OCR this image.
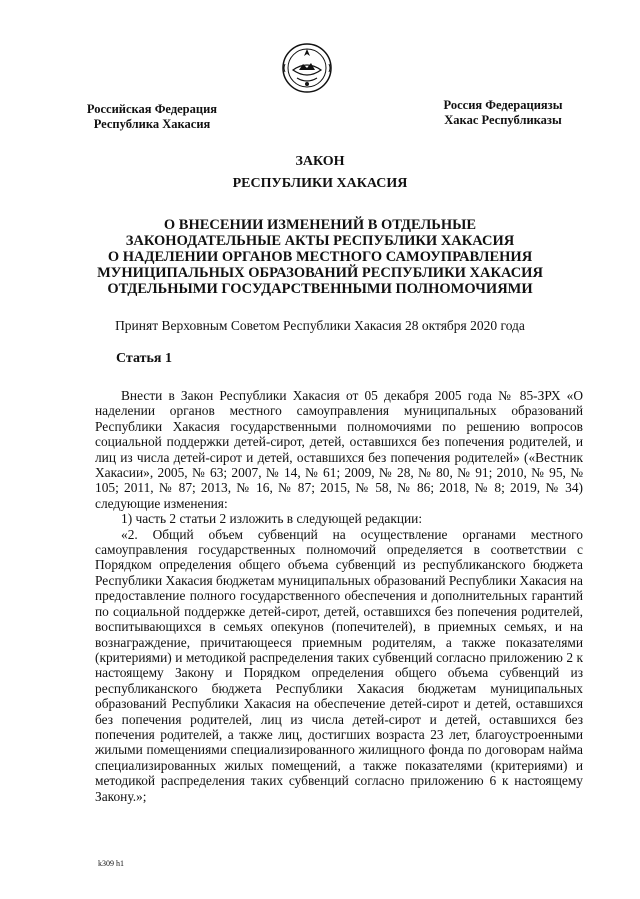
Российская Федерация
Республика Хакасия
Россия Федерациязы
Хакас Республиказы
ЗАКОН
РЕСПУБЛИКИ ХАКАСИЯ
О ВНЕСЕНИИ ИЗМЕНЕНИЙ В ОТДЕЛЬНЫЕ
ЗАКОНОДАТЕЛЬНЫЕ АКТЫ РЕСПУБЛИКИ ХАКАСИЯ
О НАДЕЛЕНИИ ОРГАНОВ МЕСТНОГО САМОУПРАВЛЕНИЯ
МУНИЦИПАЛЬНЫХ ОБРАЗОВАНИЙ РЕСПУБЛИКИ ХАКАСИЯ
ОТДЕЛЬНЫМИ ГОСУДАРСТВЕННЫМИ ПОЛНОМОЧИЯМИ
Принят Верховным Советом Республики Хакасия 28 октября 2020 года
Статья 1

Внести в Закон Республики Хакасия от 05 декабря 2005 года № 85-ЗРХ «О наделении органов местного самоуправления муниципальных образований Республики Хакасия государственными полномочиями по решению вопросов социальной поддержки детей-сирот, детей, оставшихся без попечения родителей, и лиц из числа детей-сирот и детей, оставшихся без попечения родителей» («Вестник Хакасии», 2005, № 63; 2007, № 14, № 61; 2009, № 28, № 80, № 91; 2010, № 95, № 105; 2011, № 87; 2013, № 16, № 87; 2015, № 58, № 86; 2018, № 8; 2019, № 34) следующие изменения:

1) часть 2 статьи 2 изложить в следующей редакции:

«2. Общий объем субвенций на осуществление органами местного самоуправления государственных полномочий определяется в соответствии с Порядком определения общего объема субвенций из республиканского бюджета Республики Хакасия бюджетам муниципальных образований Республики Хакасия на предоставление полного государственного обеспечения и дополнительных гарантий по социальной поддержке детей-сирот, детей, оставшихся без попечения родителей, воспитывающихся в семьях опекунов (попечителей), в приемных семьях, и на вознаграждение, причитающееся приемным родителям, а также показателями (критериями) и методикой распределения таких субвенций согласно приложению 2 к настоящему Закону и Порядком определения общего объема субвенций из республиканского бюджета Республики Хакасия бюджетам муниципальных образований Республики Хакасия на обеспечение детей-сирот и детей, оставшихся без попечения родителей, лиц из числа детей-сирот и детей, оставшихся без попечения родителей, а также лиц, достигших возраста 23 лет, благоустроенными жилыми помещениями специализированного жилищного фонда по договорам найма специализированных жилых помещений, а также показателями (критериями) и методикой распределения таких субвенций согласно приложению 6 к настоящему Закону.»;

k309 h1
